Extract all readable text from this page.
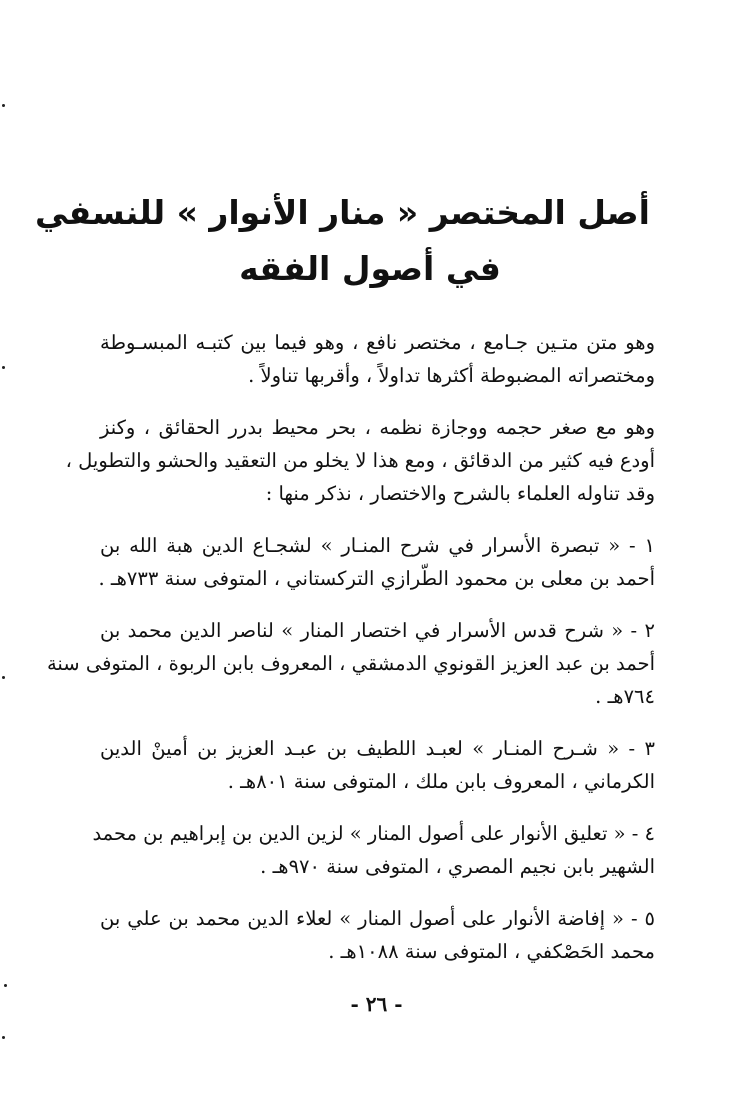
أصل المختصر « منار الأنوار » للنسفي
في أصول الفقه
وهو متن متـين جـامع ، مختصر نافع ، وهو فيما بين كتبـه المبسـوطة
ومختصراته المضبوطة أكثرها تداولاً ، وأقربها تناولاً .
وهو مع صغر حجمه ووجازة نظمه ، بحر محيط بدرر الحقائق ، وكنز
أودع فيه كثير من الدقائق ، ومع هذا لا يخلو من التعقيد والحشو والتطويل ،
وقد تناوله العلماء بالشرح والاختصار ، نذكر منها :
١ - « تبصرة الأسرار في شرح المنـار » لشجـاع الدين هبة الله بن
أحمد بن معلى بن محمود الطّرازي التركستاني ، المتوفى سنة ٧٣٣هـ .
٢ - « شرح قدس الأسرار في اختصار المنار » لناصر الدين محمد بن
أحمد بن عبد العزيز القونوي الدمشقي ، المعروف بابن الربوة ، المتوفى سنة
٧٦٤هـ .
٣ - « شـرح المنـار » لعبـد اللطيف بن عبـد العزيز بن أمينْ الدين
الكرماني ، المعروف بابن ملك ، المتوفى سنة ٨٠١هـ .
٤ - « تعليق الأنوار على أصول المنار » لزين الدين بن إبراهيم بن محمد
الشهير بابن نجيم المصري ، المتوفى سنة ٩٧٠هـ .
٥ - « إفاضة الأنوار على أصول المنار » لعلاء الدين محمد بن علي بن
محمد الحَصْكفي ، المتوفى سنة ١٠٨٨هـ .
- ٢٦ -
